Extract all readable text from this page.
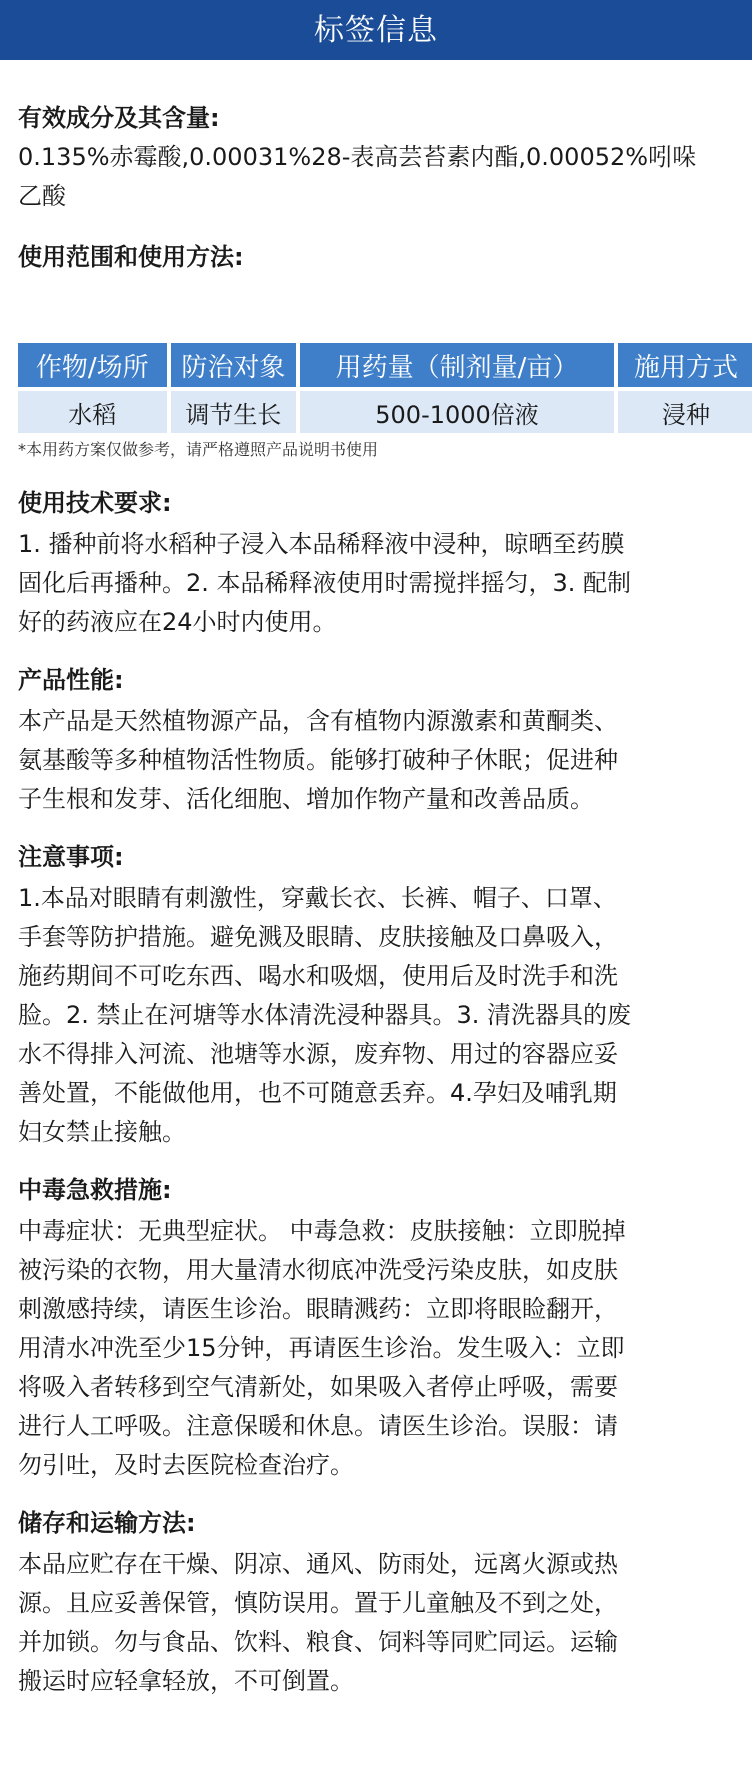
标签信息
有效成分及其含量:
0.135%赤霉酸,0.00031%28-表高芸苔素内酯,0.00052%吲哚
乙酸
使用范围和使用方法:
作物/场所	防治对象	用药量（制剂量/亩）	施用方式
水稻	调节生长	500-1000倍液	浸种
*本用药方案仅做参考，请严格遵照产品说明书使用
使用技术要求:
1. 播种前将水稻种子浸入本品稀释液中浸种，晾晒至药膜
固化后再播种。2. 本品稀释液使用时需搅拌摇匀，3. 配制
好的药液应在24小时内使用。
产品性能:
本产品是天然植物源产品，含有植物内源激素和黄酮类、
氨基酸等多种植物活性物质。能够打破种子休眠；促进种
子生根和发芽、活化细胞、增加作物产量和改善品质。
注意事项:
1.本品对眼睛有刺激性，穿戴长衣、长裤、帽子、口罩、
手套等防护措施。避免溅及眼睛、皮肤接触及口鼻吸入，
施药期间不可吃东西、喝水和吸烟，使用后及时洗手和洗
脸。2. 禁止在河塘等水体清洗浸种器具。3. 清洗器具的废
水不得排入河流、池塘等水源，废弃物、用过的容器应妥
善处置，不能做他用，也不可随意丢弃。4.孕妇及哺乳期
妇女禁止接触。
中毒急救措施:
中毒症状：无典型症状。 中毒急救：皮肤接触：立即脱掉
被污染的衣物，用大量清水彻底冲洗受污染皮肤，如皮肤
刺激感持续，请医生诊治。眼睛溅药：立即将眼睑翻开，
用清水冲洗至少15分钟，再请医生诊治。发生吸入：立即
将吸入者转移到空气清新处，如果吸入者停止呼吸，需要
进行人工呼吸。注意保暖和休息。请医生诊治。误服：请
勿引吐，及时去医院检查治疗。
储存和运输方法:
本品应贮存在干燥、阴凉、通风、防雨处，远离火源或热
源。且应妥善保管，慎防误用。置于儿童触及不到之处，
并加锁。勿与食品、饮料、粮食、饲料等同贮同运。运输
搬运时应轻拿轻放，不可倒置。
